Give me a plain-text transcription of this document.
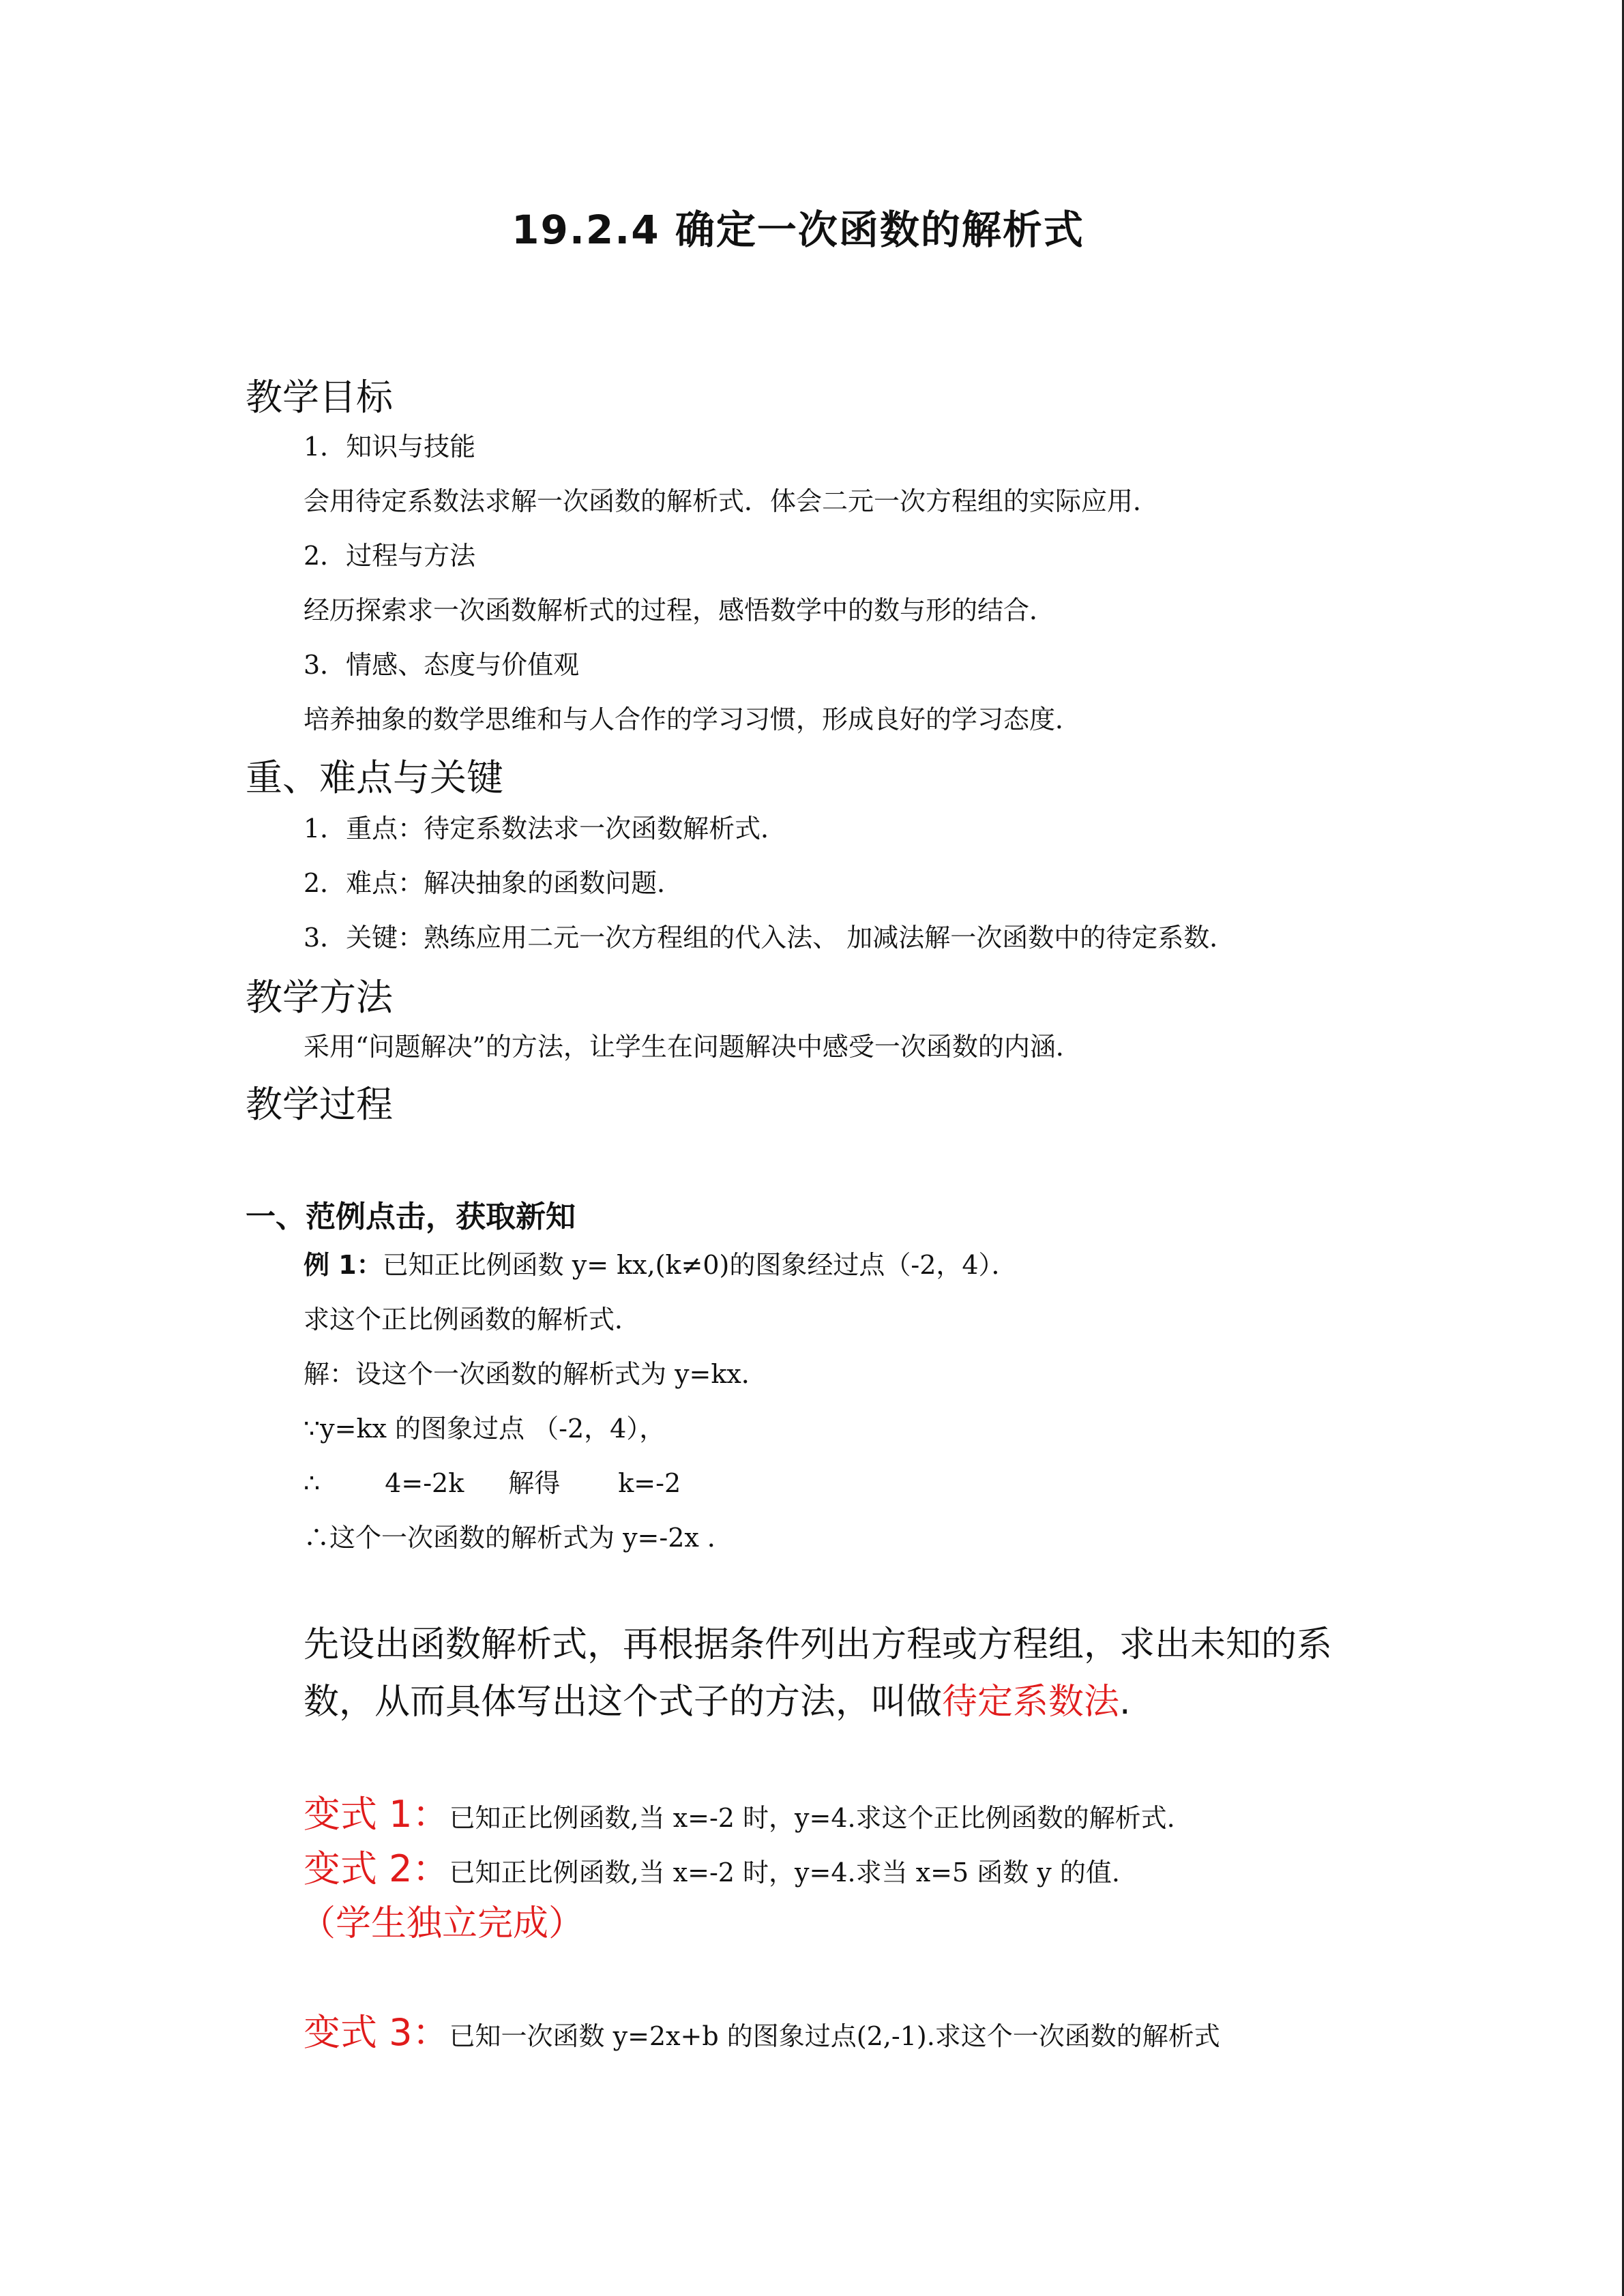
19.2.4 确定一次函数的解析式
教学目标
1．知识与技能
会用待定系数法求解一次函数的解析式．体会二元一次方程组的实际应用．
2．过程与方法
经历探索求一次函数解析式的过程，感悟数学中的数与形的结合．
3．情感、态度与价值观
培养抽象的数学思维和与人合作的学习习惯，形成良好的学习态度．
重、难点与关键
1．重点：待定系数法求一次函数解析式．
2．难点：解决抽象的函数问题．
3．关键：熟练应用二元一次方程组的代入法、 加减法解一次函数中的待定系数．
教学方法
采用“问题解决”的方法，让学生在问题解决中感受一次函数的内涵．
教学过程
一、范例点击，获取新知
例 1：已知正比例函数 y= kx,(k≠0)的图象经过点（-2，4）．
求这个正比例函数的解析式．
解：设这个一次函数的解析式为 y=kx．
∵y=kx 的图象过点 （-2，4），
∴	4=-2k 解得 k=-2
∴这个一次函数的解析式为 y=-2x ．
先设出函数解析式，再根据条件列出方程或方程组，求出未知的系数，从而具体写出这个式子的方法，叫做待定系数法.
变式 1：已知正比例函数,当 x=-2 时，y=4.求这个正比例函数的解析式.
变式 2：已知正比例函数,当 x=-2 时，y=4.求当 x=5 函数 y 的值.
（学生独立完成）
变式 3：已知一次函数 y=2x+b 的图象过点(2,-1).求这个一次函数的解析式
